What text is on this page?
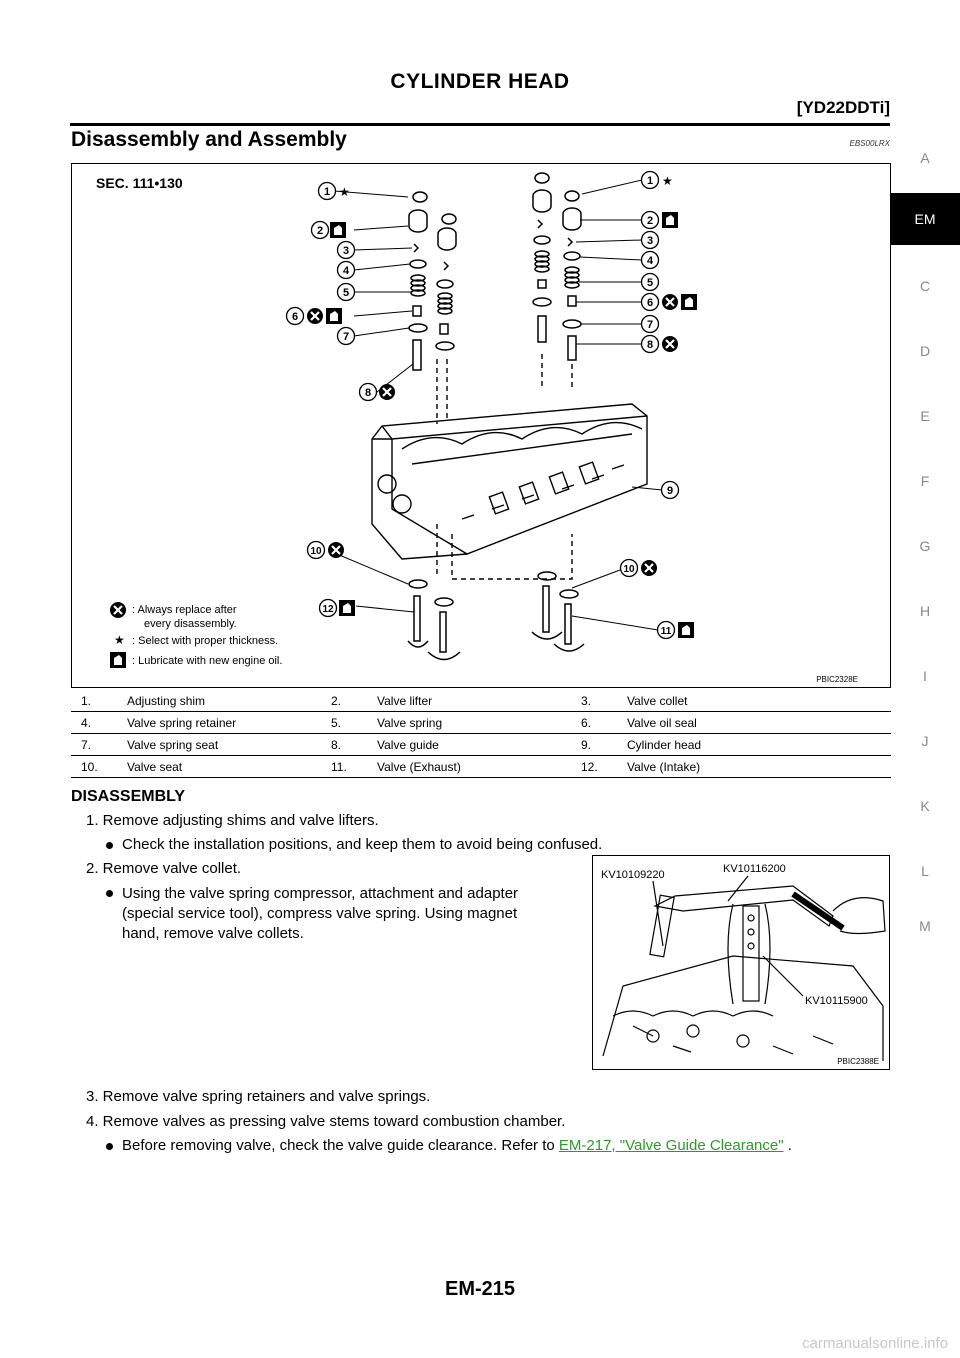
CYLINDER HEAD
[YD22DDTi]
Disassembly and Assembly	EBS00LRX
A
EM
C
D
E
F
G
H
I
J
K
L
M
SEC. 111•130
1 ★
2
3
4
5
6
7
8
10
12
1 ★
2
3
4
5
6
7
8
9
10
11
: Always replace after
every disassembly.
★ : Select with proper thickness.
: Lubricate with new engine oil.
PBIC2328E
1.	Adjusting shim	2.	Valve lifter	3.	Valve collet
4.	Valve spring retainer	5.	Valve spring	6.	Valve oil seal
7.	Valve spring seat	8.	Valve guide	9.	Cylinder head
10.	Valve seat	11.	Valve (Exhaust)	12.	Valve (Intake)
DISASSEMBLY
1. Remove adjusting shims and valve lifters.
Check the installation positions, and keep them to avoid being confused.
2. Remove valve collet.
Using the valve spring compressor, attachment and adapter
(special service tool), compress valve spring. Using magnet
hand, remove valve collets.
KV10109220	KV10116200
KV10115900
PBIC2388E
3. Remove valve spring retainers and valve springs.
4. Remove valves as pressing valve stems toward combustion chamber.
Before removing valve, check the valve guide clearance. Refer to EM-217, "Valve Guide Clearance" .
EM-215
carmanualsonline.info
